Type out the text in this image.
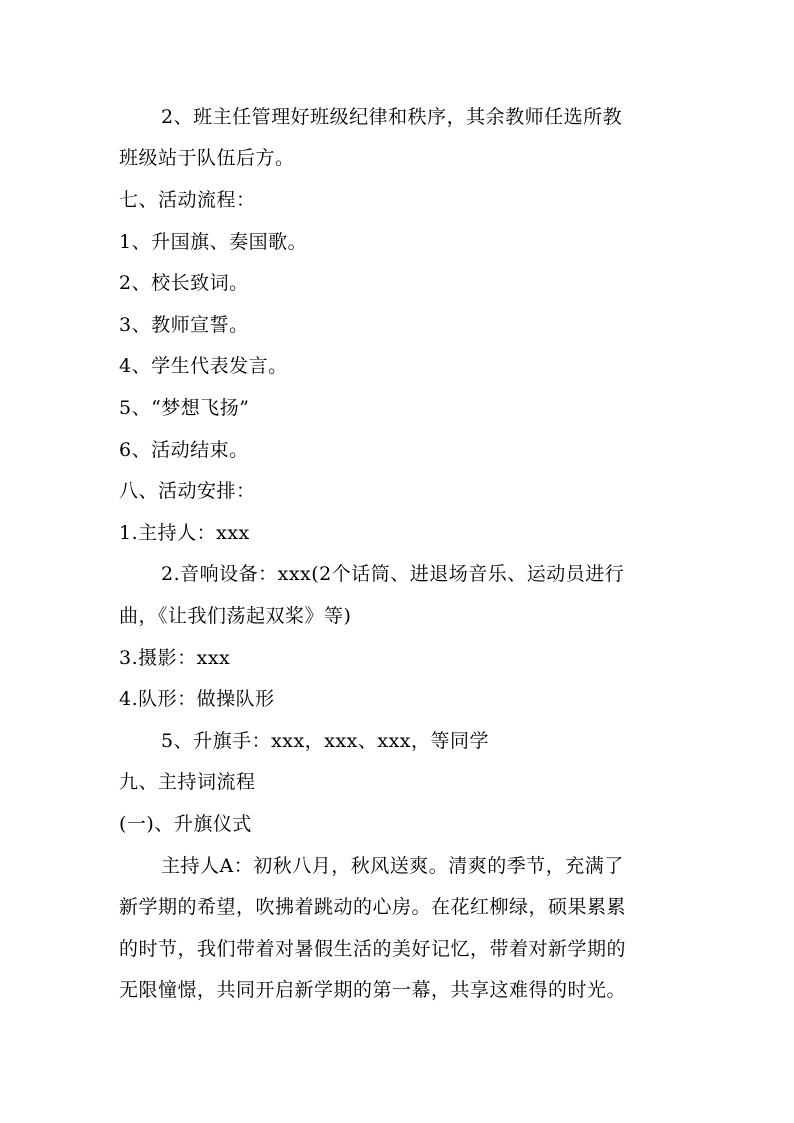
2、班主任管理好班级纪律和秩序，其余教师任选所教
班级站于队伍后方。
七、活动流程：
1、升国旗、奏国歌。
2、校长致词。
3、教师宣誓。
4、学生代表发言。
5、“梦想飞扬”
6、活动结束。
八、活动安排：
1.主持人：xxx
2.音响设备：xxx(2个话筒、进退场音乐、运动员进行
曲，《让我们荡起双桨》等)
3.摄影：xxx
4.队形：做操队形
5、升旗手：xxx，xxx、xxx，等同学
九、主持词流程
(一)、升旗仪式
主持人A：初秋八月，秋风送爽。清爽的季节，充满了
新学期的希望，吹拂着跳动的心房。在花红柳绿，硕果累累
的时节，我们带着对暑假生活的美好记忆，带着对新学期的
无限憧憬，共同开启新学期的第一幕，共享这难得的时光。
